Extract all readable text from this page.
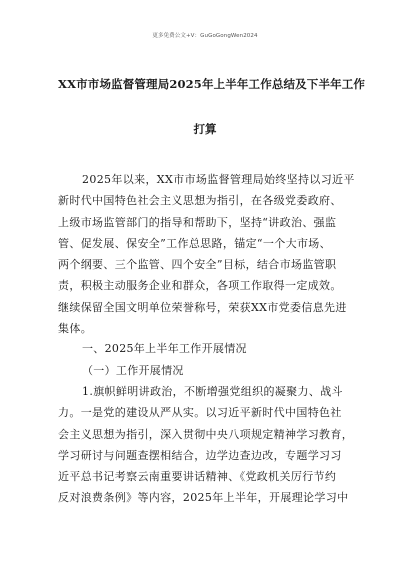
更多免费公文+V：GuGoGongWen2024
XX市市场监督管理局2025年上半年工作总结及下半年工作
打算
2025年以来，XX市市场监督管理局始终坚持以习近平
新时代中国特色社会主义思想为指引，在各级党委政府、
上级市场监管部门的指导和帮助下，坚持“讲政治、强监
管、促发展、保安全”工作总思路，锚定“一个大市场、
两个纲要、三个监管、四个安全”目标，结合市场监管职
责，积极主动服务企业和群众，各项工作取得一定成效。
继续保留全国文明单位荣誉称号，荣获XX市党委信息先进
集体。
一、2025年上半年工作开展情况
（一）工作开展情况
1.旗帜鲜明讲政治，不断增强党组织的凝聚力、战斗
力。一是党的建设从严从实。以习近平新时代中国特色社
会主义思想为指引，深入贯彻中央八项规定精神学习教育，
学习研讨与问题查摆相结合，边学边查边改，专题学习习
近平总书记考察云南重要讲话精神、《党政机关厉行节约
反对浪费条例》等内容，2025年上半年，开展理论学习中
